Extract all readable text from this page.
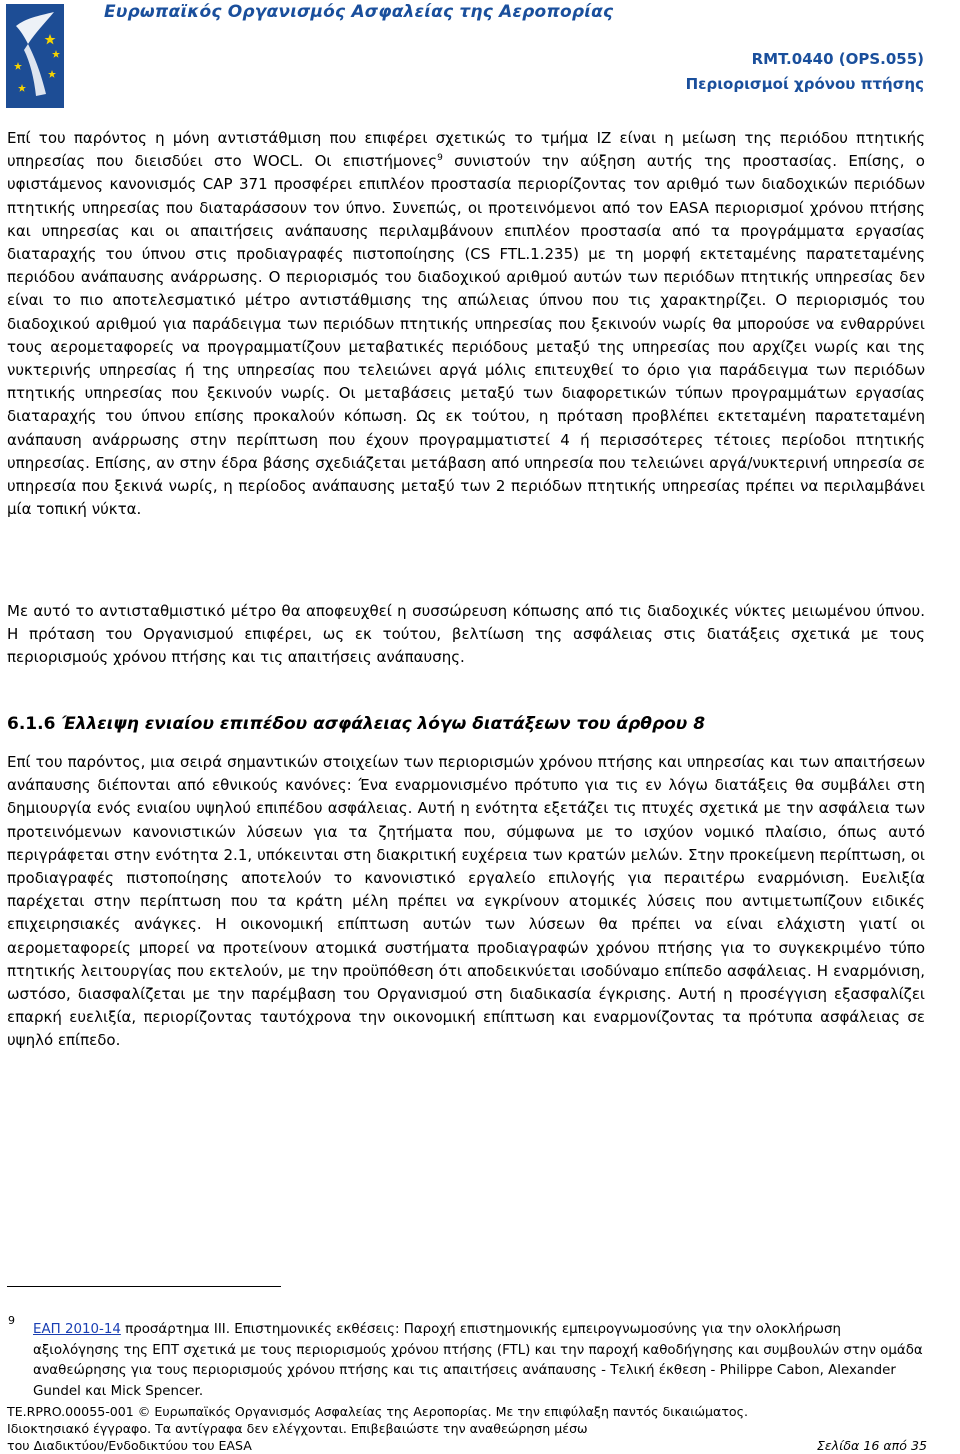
Ευρωπαϊκός Οργανισμός Ασφαλείας της Αεροπορίας
RMT.0440 (OPS.055)
Περιορισμοί χρόνου πτήσης

Επί του παρόντος η μόνη αντιστάθμιση που επιφέρει σχετικώς το τμήμα ΙΖ είναι η μείωση της περιόδου πτητικής υπηρεσίας που διεισδύει στο WOCL. Οι επιστήμονες$^9$ συνιστούν την αύξηση αυτής της προστασίας. Επίσης, ο υφιστάμενος κανονισμός CAP 371 προσφέρει επιπλέον προστασία περιορίζοντας τον αριθμό των διαδοχικών περιόδων πτητικής υπηρεσίας που διαταράσσουν τον ύπνο. Συνεπώς, οι προτεινόμενοι από τον EASA περιορισμοί χρόνου πτήσης και υπηρεσίας και οι απαιτήσεις ανάπαυσης περιλαμβάνουν επιπλέον προστασία από τα προγράμματα εργασίας διαταραχής του ύπνου στις προδιαγραφές πιστοποίησης (CS FTL.1.235) με τη μορφή εκτεταμένης παρατεταμένης περιόδου ανάπαυσης ανάρρωσης. Ο περιορισμός του διαδοχικού αριθμού αυτών των περιόδων πτητικής υπηρεσίας δεν είναι το πιο αποτελεσματικό μέτρο αντιστάθμισης της απώλειας ύπνου που τις χαρακτηρίζει. Ο περιορισμός του διαδοχικού αριθμού για παράδειγμα των περιόδων πτητικής υπηρεσίας που ξεκινούν νωρίς θα μπορούσε να ενθαρρύνει τους αερομεταφορείς να προγραμματίζουν μεταβατικές περιόδους μεταξύ της υπηρεσίας που αρχίζει νωρίς και της νυκτερινής υπηρεσίας ή της υπηρεσίας που τελειώνει αργά μόλις επιτευχθεί το όριο για παράδειγμα των περιόδων πτητικής υπηρεσίας που ξεκινούν νωρίς. Οι μεταβάσεις μεταξύ των διαφορετικών τύπων προγραμμάτων εργασίας διαταραχής του ύπνου επίσης προκαλούν κόπωση. Ως εκ τούτου, η πρόταση προβλέπει εκτεταμένη παρατεταμένη ανάπαυση ανάρρωσης στην περίπτωση που έχουν προγραμματιστεί 4 ή περισσότερες τέτοιες περίοδοι πτητικής υπηρεσίας. Επίσης, αν στην έδρα βάσης σχεδιάζεται μετάβαση από υπηρεσία που τελειώνει αργά/νυκτερινή υπηρεσία σε υπηρεσία που ξεκινά νωρίς, η περίοδος ανάπαυσης μεταξύ των 2 περιόδων πτητικής υπηρεσίας πρέπει να περιλαμβάνει μία τοπική νύκτα.

Με αυτό το αντισταθμιστικό μέτρο θα αποφευχθεί η συσσώρευση κόπωσης από τις διαδοχικές νύκτες μειωμένου ύπνου. Η πρόταση του Οργανισμού επιφέρει, ως εκ τούτου, βελτίωση της ασφάλειας στις διατάξεις σχετικά με τους περιορισμούς χρόνου πτήσης και τις απαιτήσεις ανάπαυσης.

6.1.6 Έλλειψη ενιαίου επιπέδου ασφάλειας λόγω διατάξεων του άρθρου 8

Επί του παρόντος, μια σειρά σημαντικών στοιχείων των περιορισμών χρόνου πτήσης και υπηρεσίας και των απαιτήσεων ανάπαυσης διέπονται από εθνικούς κανόνες: Ένα εναρμονισμένο πρότυπο για τις εν λόγω διατάξεις θα συμβάλει στη δημιουργία ενός ενιαίου υψηλού επιπέδου ασφάλειας. Αυτή η ενότητα εξετάζει τις πτυχές σχετικά με την ασφάλεια των προτεινόμενων κανονιστικών λύσεων για τα ζητήματα που, σύμφωνα με το ισχύον νομικό πλαίσιο, όπως αυτό περιγράφεται στην ενότητα 2.1, υπόκεινται στη διακριτική ευχέρεια των κρατών μελών. Στην προκείμενη περίπτωση, οι προδιαγραφές πιστοποίησης αποτελούν το κανονιστικό εργαλείο επιλογής για περαιτέρω εναρμόνιση. Ευελιξία παρέχεται στην περίπτωση που τα κράτη μέλη πρέπει να εγκρίνουν ατομικές λύσεις που αντιμετωπίζουν ειδικές επιχειρησιακές ανάγκες. Η οικονομική επίπτωση αυτών των λύσεων θα πρέπει να είναι ελάχιστη γιατί οι αερομεταφορείς μπορεί να προτείνουν ατομικά συστήματα προδιαγραφών χρόνου πτήσης για το συγκεκριμένο τύπο πτητικής λειτουργίας που εκτελούν, με την προϋπόθεση ότι αποδεικνύεται ισοδύναμο επίπεδο ασφάλειας. Η εναρμόνιση, ωστόσο, διασφαλίζεται με την παρέμβαση του Οργανισμού στη διαδικασία έγκρισης. Αυτή η προσέγγιση εξασφαλίζει επαρκή ευελιξία, περιορίζοντας ταυτόχρονα την οικονομική επίπτωση και εναρμονίζοντας τα πρότυπα ασφάλειας σε υψηλό επίπεδο.

9
ΕΑΠ 2010-14 προσάρτημα ΙΙΙ. Επιστημονικές εκθέσεις: Παροχή επιστημονικής εμπειρογνωμοσύνης για την ολοκλήρωση αξιολόγησης της ΕΠΤ σχετικά με τους περιορισμούς χρόνου πτήσης (FTL) και την παροχή καθοδήγησης και συμβουλών στην ομάδα αναθεώρησης για τους περιορισμούς χρόνου πτήσης και τις απαιτήσεις ανάπαυσης - Τελική έκθεση - Philippe Cabon, Alexander Gundel και Mick Spencer.
TE.RPRO.00055-001 © Ευρωπαϊκός Οργανισμός Ασφαλείας της Αεροπορίας. Με την επιφύλαξη παντός δικαιώματος.
Ιδιοκτησιακό έγγραφο. Τα αντίγραφα δεν ελέγχονται. Επιβεβαιώστε την αναθεώρηση μέσω
του Διαδικτύου/Ενδοδικτύου του EASA	Σελίδα 16 από 35
